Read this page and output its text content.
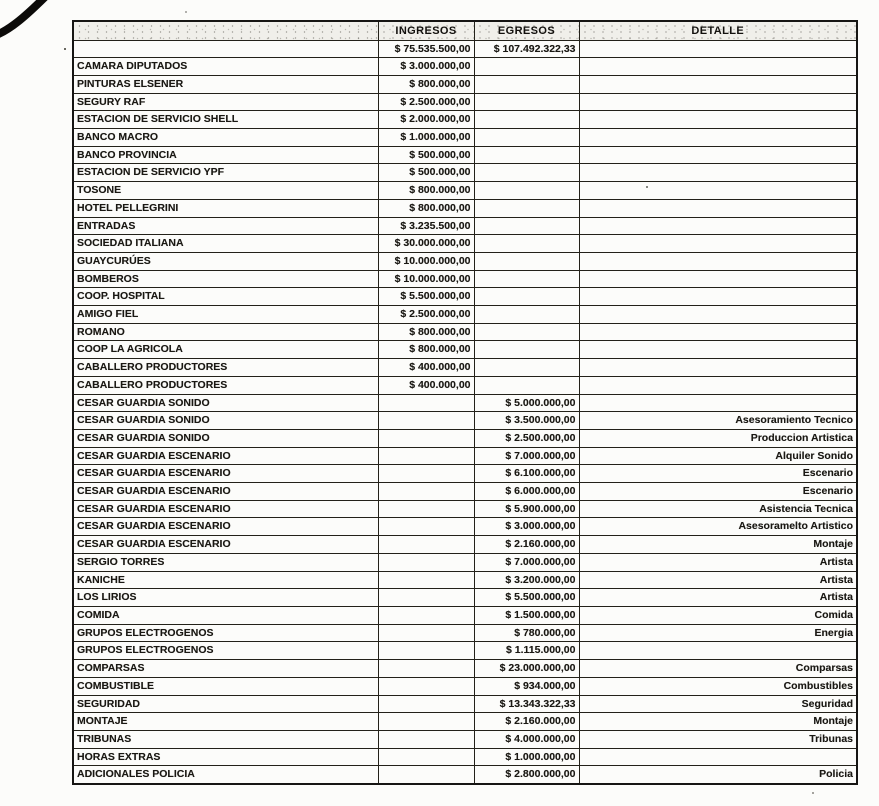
	INGRESOS	EGRESOS	DETALLE
	$ 75.535.500,00	$ 107.492.322,33	
CAMARA DIPUTADOS	$ 3.000.000,00		
PINTURAS ELSENER	$ 800.000,00		
SEGURY RAF	$ 2.500.000,00		
ESTACION DE SERVICIO SHELL	$ 2.000.000,00		
BANCO MACRO	$ 1.000.000,00		
BANCO PROVINCIA	$ 500.000,00		
ESTACION DE SERVICIO YPF	$ 500.000,00		
TOSONE	$ 800.000,00		
HOTEL PELLEGRINI	$ 800.000,00		
ENTRADAS	$ 3.235.500,00		
SOCIEDAD ITALIANA	$ 30.000.000,00		
GUAYCURÚES	$ 10.000.000,00		
BOMBEROS	$ 10.000.000,00		
COOP. HOSPITAL	$ 5.500.000,00		
AMIGO FIEL	$ 2.500.000,00		
ROMANO	$ 800.000,00		
COOP LA AGRICOLA	$ 800.000,00		
CABALLERO PRODUCTORES	$ 400.000,00		
CABALLERO PRODUCTORES	$ 400.000,00		
CESAR GUARDIA SONIDO		$ 5.000.000,00	
CESAR GUARDIA SONIDO		$ 3.500.000,00	Asesoramiento Tecnico
CESAR GUARDIA SONIDO		$ 2.500.000,00	Produccion Artistica
CESAR GUARDIA ESCENARIO		$ 7.000.000,00	Alquiler Sonido
CESAR GUARDIA ESCENARIO		$ 6.100.000,00	Escenario
CESAR GUARDIA ESCENARIO		$ 6.000.000,00	Escenario
CESAR GUARDIA ESCENARIO		$ 5.900.000,00	Asistencia Tecnica
CESAR GUARDIA ESCENARIO		$ 3.000.000,00	Asesoramelto Artistico
CESAR GUARDIA ESCENARIO		$ 2.160.000,00	Montaje
SERGIO TORRES		$ 7.000.000,00	Artista
KANICHE		$ 3.200.000,00	Artista
LOS LIRIOS		$ 5.500.000,00	Artista
COMIDA		$ 1.500.000,00	Comida
GRUPOS ELECTROGENOS		$ 780.000,00	Energia
GRUPOS ELECTROGENOS		$ 1.115.000,00	
COMPARSAS		$ 23.000.000,00	Comparsas
COMBUSTIBLE		$ 934.000,00	Combustibles
SEGURIDAD		$ 13.343.322,33	Seguridad
MONTAJE		$ 2.160.000,00	Montaje
TRIBUNAS		$ 4.000.000,00	Tribunas
HORAS EXTRAS		$ 1.000.000,00	
ADICIONALES POLICIA		$ 2.800.000,00	Policia
